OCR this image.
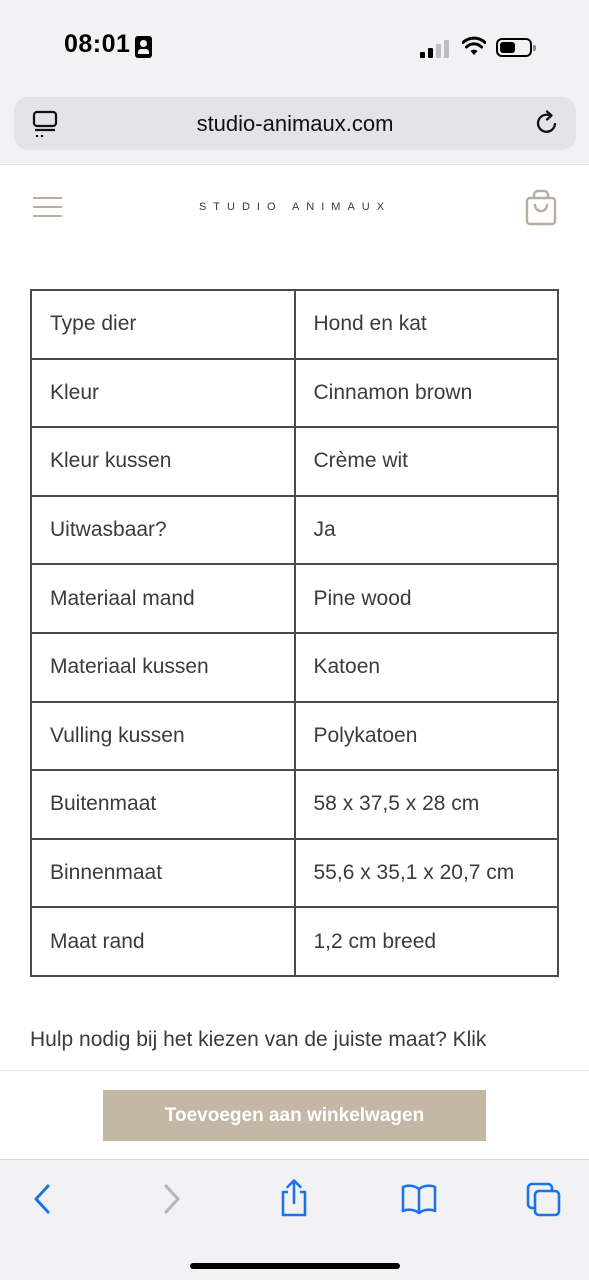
08:01
studio-animaux.com
STUDIO ANIMAUX
Type dier	Hond en kat
Kleur	Cinnamon brown
Kleur kussen	Crème wit
Uitwasbaar?	Ja
Materiaal mand	Pine wood
Materiaal kussen	Katoen
Vulling kussen	Polykatoen
Buitenmaat	58 x 37,5 x 28 cm
Binnenmaat	55,6 x 35,1 x 20,7 cm
Maat rand	1,2 cm breed

Hulp nodig bij het kiezen van de juiste maat? Klik

Toevoegen aan winkelwagen
